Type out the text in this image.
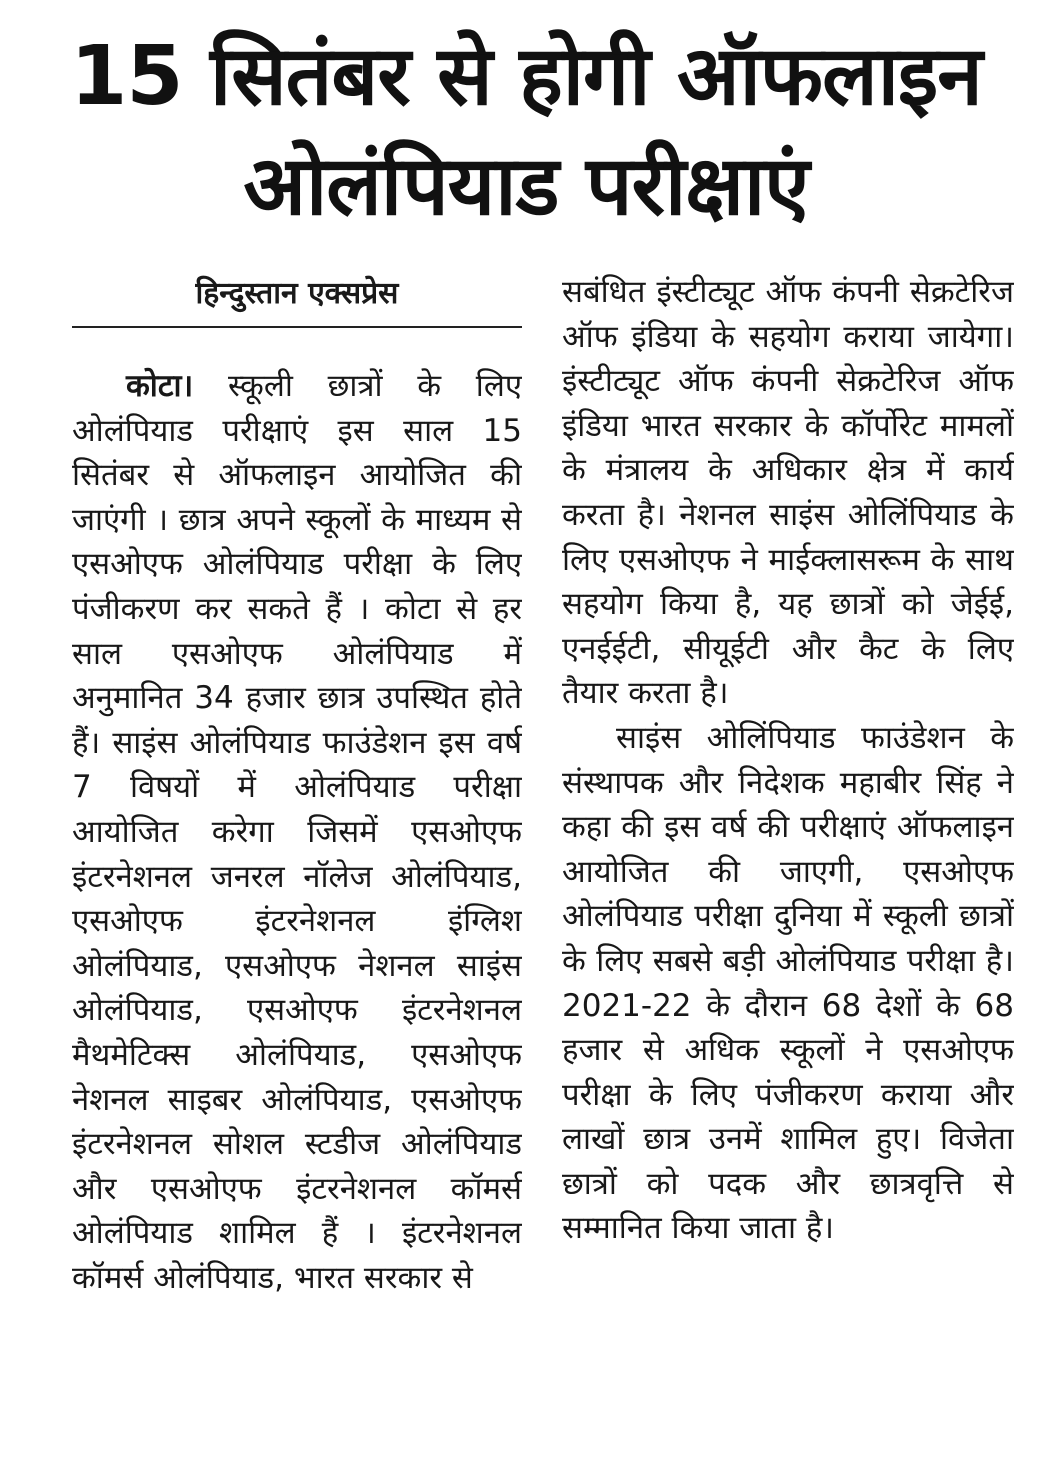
15 सितंबर से होगी ऑफलाइन
ओलंपियाड परीक्षाएं
हिन्दुस्तान एक्सप्रेस

कोटा। स्कूली छात्रों के लिए ओलंपियाड परीक्षाएं इस साल 15 सितंबर से ऑफलाइन आयोजित की जाएंगी । छात्र अपने स्कूलों के माध्यम से एसओएफ ओलंपियाड परीक्षा के लिए पंजीकरण कर सकते हैं । कोटा से हर साल एसओएफ ओलंपियाड में अनुमानित 34 हजार छात्र उपस्थित होते हैं। साइंस ओलंपियाड फाउंडेशन इस वर्ष 7 विषयों में ओलंपियाड परीक्षा आयोजित करेगा जिसमें एसओएफ इंटरनेशनल जनरल नॉलेज ओलंपियाड, एसओएफ इंटरनेशनल इंग्लिश ओलंपियाड, एसओएफ नेशनल साइंस ओलंपियाड, एसओएफ इंटरनेशनल मैथमेटिक्स ओलंपियाड, एसओएफ नेशनल साइबर ओलंपियाड, एसओएफ इंटरनेशनल सोशल स्टडीज ओलंपियाड और एसओएफ इंटरनेशनल कॉमर्स ओलंपियाड शामिल हैं । इंटरनेशनल कॉमर्स ओलंपियाड, भारत सरकार से

सबंधित इंस्टीट्यूट ऑफ कंपनी सेक्रटेरिज ऑफ इंडिया के सहयोग कराया जायेगा। इंस्टीट्यूट ऑफ कंपनी सेक्रटेरिज ऑफ इंडिया भारत सरकार के कॉर्पोरेट मामलों के मंत्रालय के अधिकार क्षेत्र में कार्य करता है। नेशनल साइंस ओलिंपियाड के लिए एसओएफ ने माईक्लासरूम के साथ सहयोग किया है, यह छात्रों को जेईई, एनईईटी, सीयूईटी और कैट के लिए तैयार करता है।

साइंस ओलिंपियाड फाउंडेशन के संस्थापक और निदेशक महाबीर सिंह ने कहा की इस वर्ष की परीक्षाएं ऑफलाइन आयोजित की जाएगी, एसओएफ ओलंपियाड परीक्षा दुनिया में स्कूली छात्रों के लिए सबसे बड़ी ओलंपियाड परीक्षा है। 2021-22 के दौरान 68 देशों के 68 हजार से अधिक स्कूलों ने एसओएफ परीक्षा के लिए पंजीकरण कराया और लाखों छात्र उनमें शामिल हुए। विजेता छात्रों को पदक और छात्रवृत्ति से सम्मानित किया जाता है।
